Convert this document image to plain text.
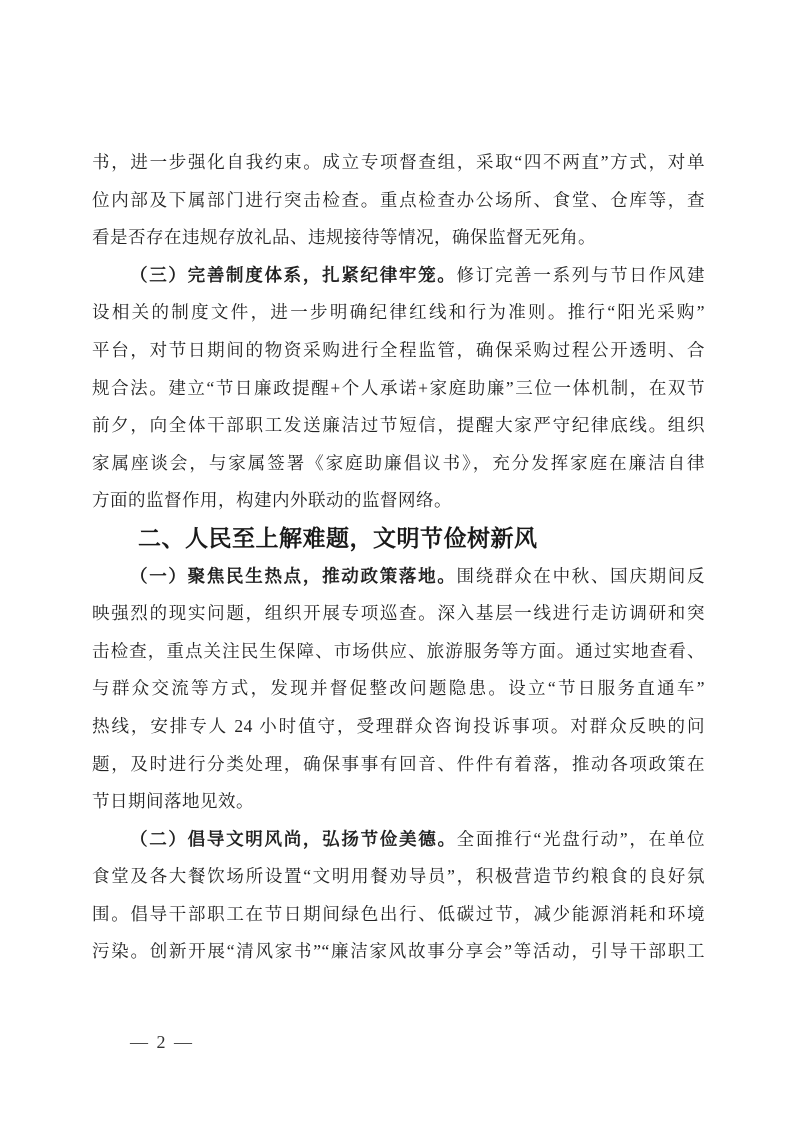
书，进一步强化自我约束。成立专项督查组，采取“四不两直”方式，对单
位内部及下属部门进行突击检查。重点检查办公场所、食堂、仓库等，查
看是否存在违规存放礼品、违规接待等情况，确保监督无死角。
（三）完善制度体系，扎紧纪律牢笼。修订完善一系列与节日作风建
设相关的制度文件，进一步明确纪律红线和行为准则。推行“阳光采购”
平台，对节日期间的物资采购进行全程监管，确保采购过程公开透明、合
规合法。建立“节日廉政提醒+个人承诺+家庭助廉”三位一体机制，在双节
前夕，向全体干部职工发送廉洁过节短信，提醒大家严守纪律底线。组织
家属座谈会，与家属签署《家庭助廉倡议书》，充分发挥家庭在廉洁自律
方面的监督作用，构建内外联动的监督网络。
二、人民至上解难题，文明节俭树新风
（一）聚焦民生热点，推动政策落地。围绕群众在中秋、国庆期间反
映强烈的现实问题，组织开展专项巡查。深入基层一线进行走访调研和突
击检查，重点关注民生保障、市场供应、旅游服务等方面。通过实地查看、
与群众交流等方式，发现并督促整改问题隐患。设立“节日服务直通车”
热线，安排专人 24 小时值守，受理群众咨询投诉事项。对群众反映的问
题，及时进行分类处理，确保事事有回音、件件有着落，推动各项政策在
节日期间落地见效。
（二）倡导文明风尚，弘扬节俭美德。全面推行“光盘行动”，在单位
食堂及各大餐饮场所设置“文明用餐劝导员”，积极营造节约粮食的良好氛
围。倡导干部职工在节日期间绿色出行、低碳过节，减少能源消耗和环境
污染。创新开展“清风家书”“廉洁家风故事分享会”等活动，引导干部职工
— 2 —
